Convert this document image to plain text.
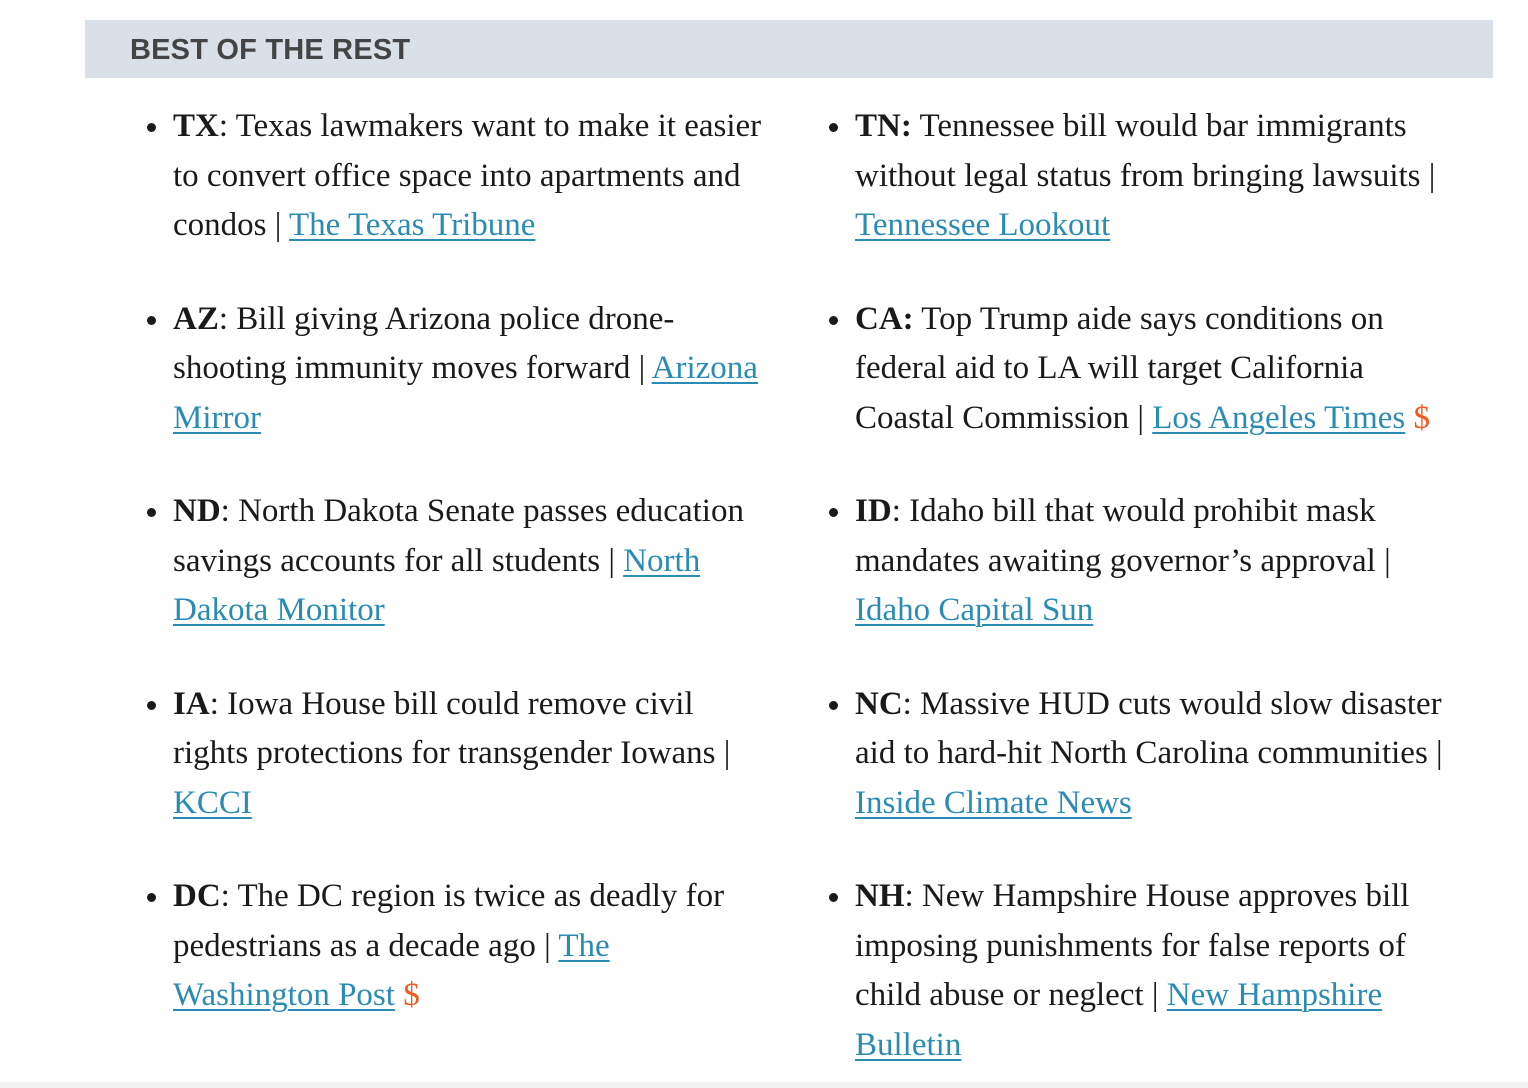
BEST OF THE REST
TX: Texas lawmakers want to make it easier to convert office space into apartments and condos | The Texas Tribune
AZ: Bill giving Arizona police drone-shooting immunity moves forward | Arizona Mirror
ND: North Dakota Senate passes education savings accounts for all students | North Dakota Monitor
IA: Iowa House bill could remove civil rights protections for transgender Iowans | KCCI
DC: The DC region is twice as deadly for pedestrians as a decade ago | The Washington Post $
TN: Tennessee bill would bar immigrants without legal status from bringing lawsuits | Tennessee Lookout
CA: Top Trump aide says conditions on federal aid to LA will target California Coastal Commission | Los Angeles Times $
ID: Idaho bill that would prohibit mask mandates awaiting governor’s approval | Idaho Capital Sun
NC: Massive HUD cuts would slow disaster aid to hard-hit North Carolina communities | Inside Climate News
NH: New Hampshire House approves bill imposing punishments for false reports of child abuse or neglect | New Hampshire Bulletin
